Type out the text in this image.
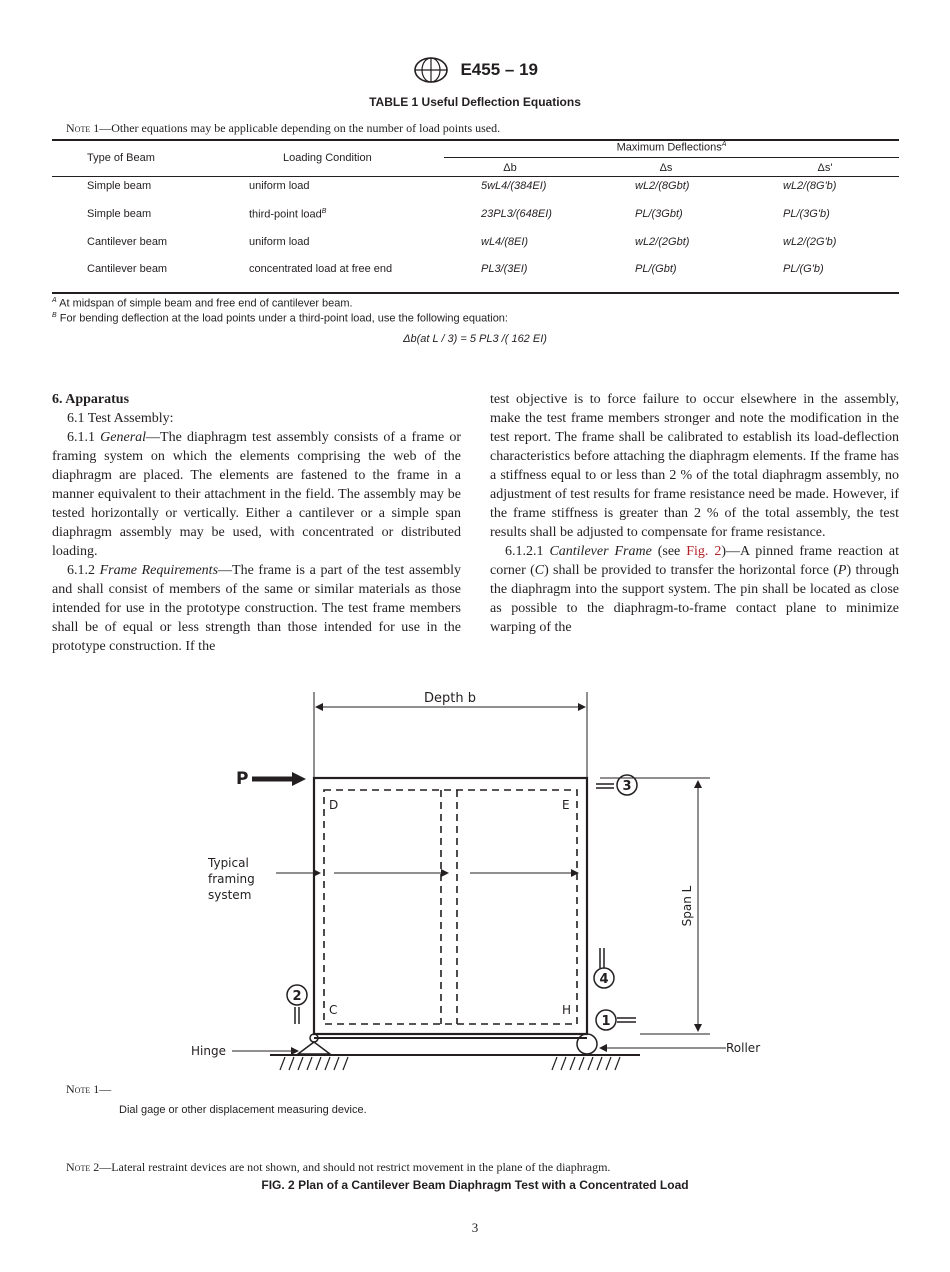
E455 – 19
TABLE 1 Useful Deflection Equations
Note 1—Other equations may be applicable depending on the number of load points used.
Type of Beam	Loading Condition
Maximum Deflections$^A$
Δb	Δs	Δs'
Simple beam	uniform load	5wL4/(384EI)	wL2/(8Gbt)	wL2/(8G'b)
Simple beam	third-point load$^B$	23PL3/(648EI)	PL/(3Gbt)	PL/(3G'b)
Cantilever beam	uniform load	wL4/(8EI)	wL2/(2Gbt)	wL2/(2G'b)
Cantilever beam	concentrated load at free end	PL3/(3EI)	PL/(Gbt)	PL/(G'b)
$^A$ At midspan of simple beam and free end of cantilever beam.
$^B$ For bending deflection at the load points under a third-point load, use the following equation:
Δb(at L / 3) = 5 PL3 /( 162 EI)
6. Apparatus

6.1 Test Assembly:

6.1.1 General—The diaphragm test assembly consists of a frame or framing system on which the elements comprising the web of the diaphragm are placed. The elements are fastened to the frame in a manner equivalent to their attachment in the field. The assembly may be tested horizontally or vertically. Either a cantilever or a simple span diaphragm assembly may be used, with concentrated or distributed loading.

6.1.2 Frame Requirements—The frame is a part of the test assembly and shall consist of members of the same or similar materials as those intended for use in the prototype construction. The test frame members shall be of equal or less strength than those intended for use in the prototype construction. If the

test objective is to force failure to occur elsewhere in the assembly, make the test frame members stronger and note the modification in the test report. The frame shall be calibrated to establish its load-deflection characteristics before attaching the diaphragm elements. If the frame has a stiffness equal to or less than 2 % of the total diaphragm assembly, no adjustment of test results for frame resistance need be made. However, if the frame stiffness is greater than 2 % of the total assembly, the test results shall be adjusted to compensate for frame resistance.

6.1.2.1 Cantilever Frame (see Fig. 2)—A pinned frame reaction at corner (C) shall be provided to transfer the horizontal force (P) through the diaphragm into the support system. The pin shall be located as close as possible to the diaphragm-to-frame contact plane to minimize warping of the

Depth b
P
Typical
framing
system
D	E
C	H
Span L
3
4
1
2
Hinge	Roller
Note 1—
Dial gage or other displacement measuring device.
Note 2—Lateral restraint devices are not shown, and should not restrict movement in the plane of the diaphragm.
FIG. 2 Plan of a Cantilever Beam Diaphragm Test with a Concentrated Load
3
